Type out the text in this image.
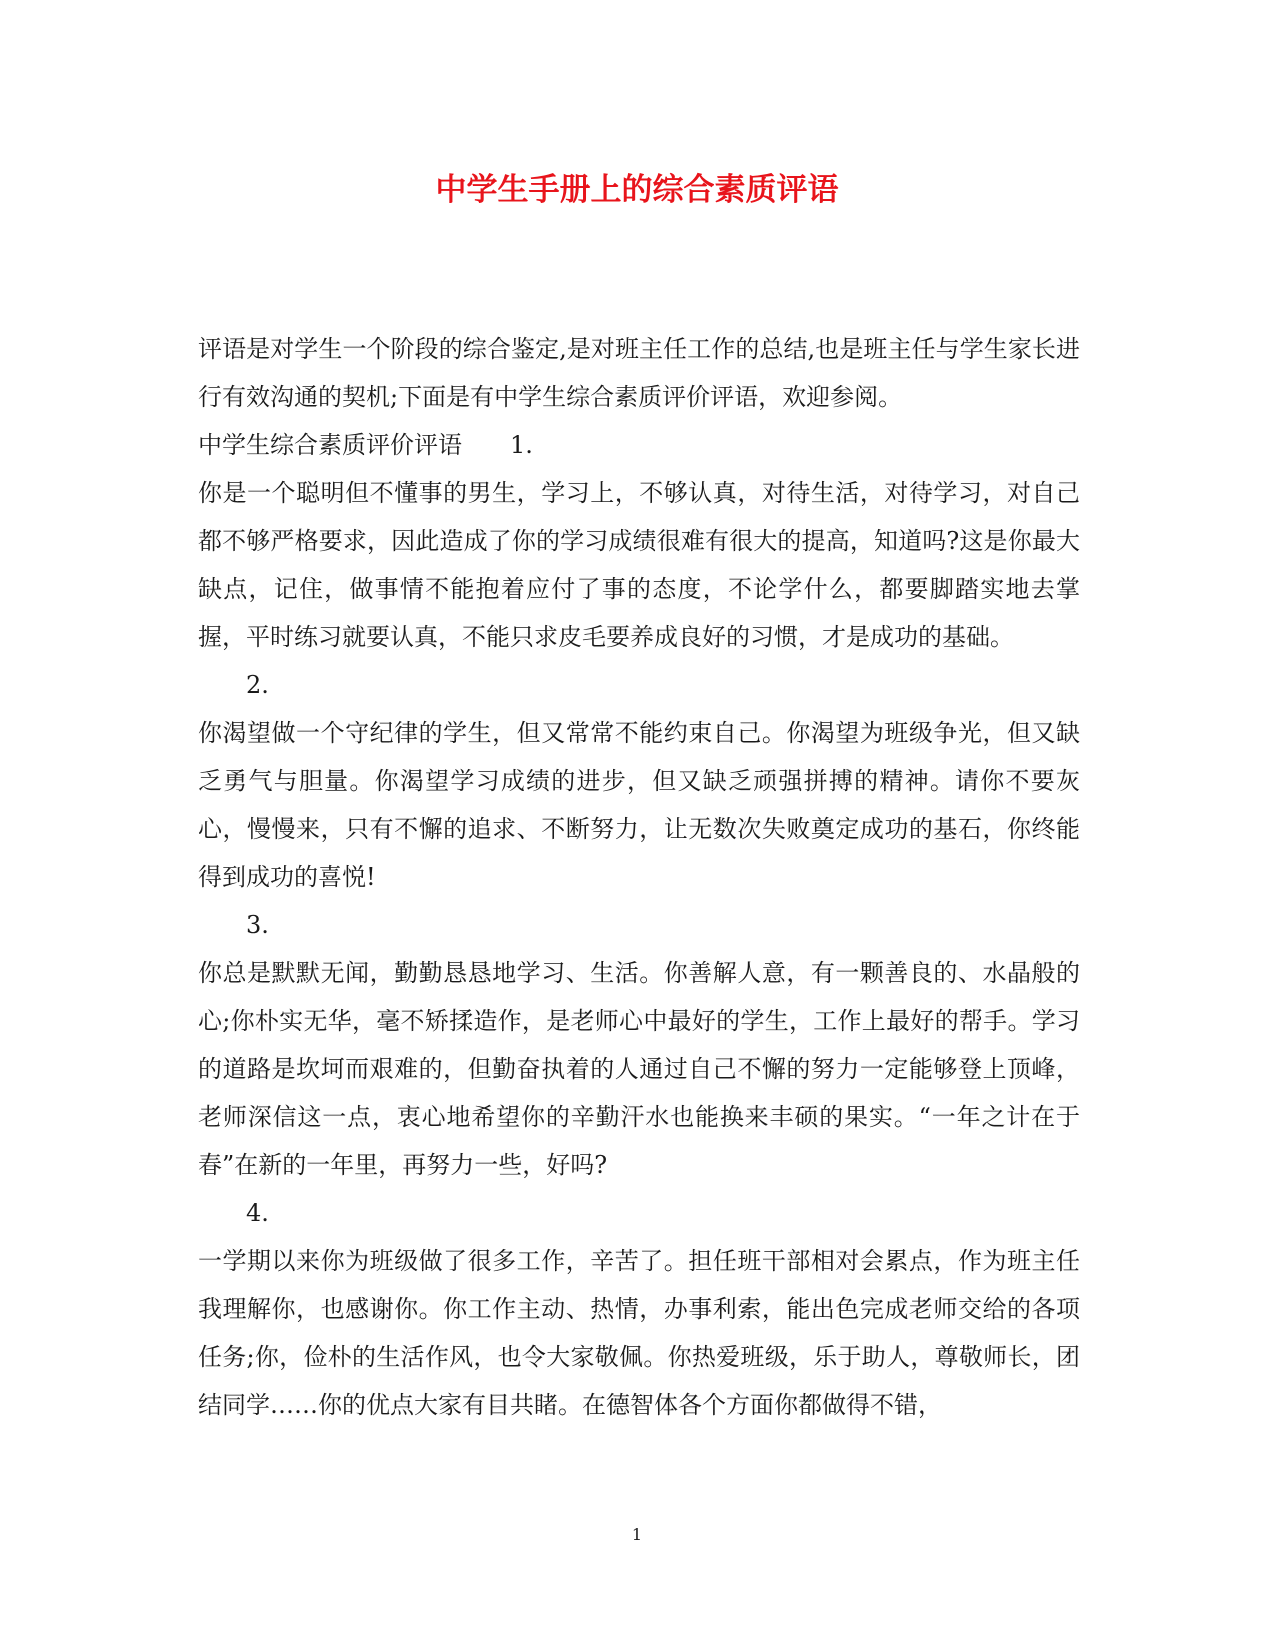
中学生手册上的综合素质评语

评语是对学生一个阶段的综合鉴定,是对班主任工作的总结,也是班主任与学生家长进行有效沟通的契机;下面是有中学生综合素质评价评语，欢迎参阅。

中学生综合素质评价评语 1.

你是一个聪明但不懂事的男生，学习上，不够认真，对待生活，对待学习，对自己都不够严格要求，因此造成了你的学习成绩很难有很大的提高，知道吗?这是你最大缺点，记住，做事情不能抱着应付了事的态度，不论学什么，都要脚踏实地去掌握，平时练习就要认真，不能只求皮毛要养成良好的习惯，才是成功的基础。

2.

你渴望做一个守纪律的学生，但又常常不能约束自己。你渴望为班级争光，但又缺乏勇气与胆量。你渴望学习成绩的进步，但又缺乏顽强拼搏的精神。请你不要灰心，慢慢来，只有不懈的追求、不断努力，让无数次失败奠定成功的基石，你终能得到成功的喜悦!

3.

你总是默默无闻，勤勤恳恳地学习、生活。你善解人意，有一颗善良的、水晶般的心;你朴实无华，毫不矫揉造作，是老师心中最好的学生，工作上最好的帮手。学习的道路是坎坷而艰难的，但勤奋执着的人通过自己不懈的努力一定能够登上顶峰，老师深信这一点，衷心地希望你的辛勤汗水也能换来丰硕的果实。“一年之计在于春”在新的一年里，再努力一些，好吗?

4.

一学期以来你为班级做了很多工作，辛苦了。担任班干部相对会累点，作为班主任我理解你，也感谢你。你工作主动、热情，办事利索，能出色完成老师交给的各项任务;你，俭朴的生活作风，也令大家敬佩。你热爱班级，乐于助人，尊敬师长，团结同学……你的优点大家有目共睹。在德智体各个方面你都做得不错，

1
